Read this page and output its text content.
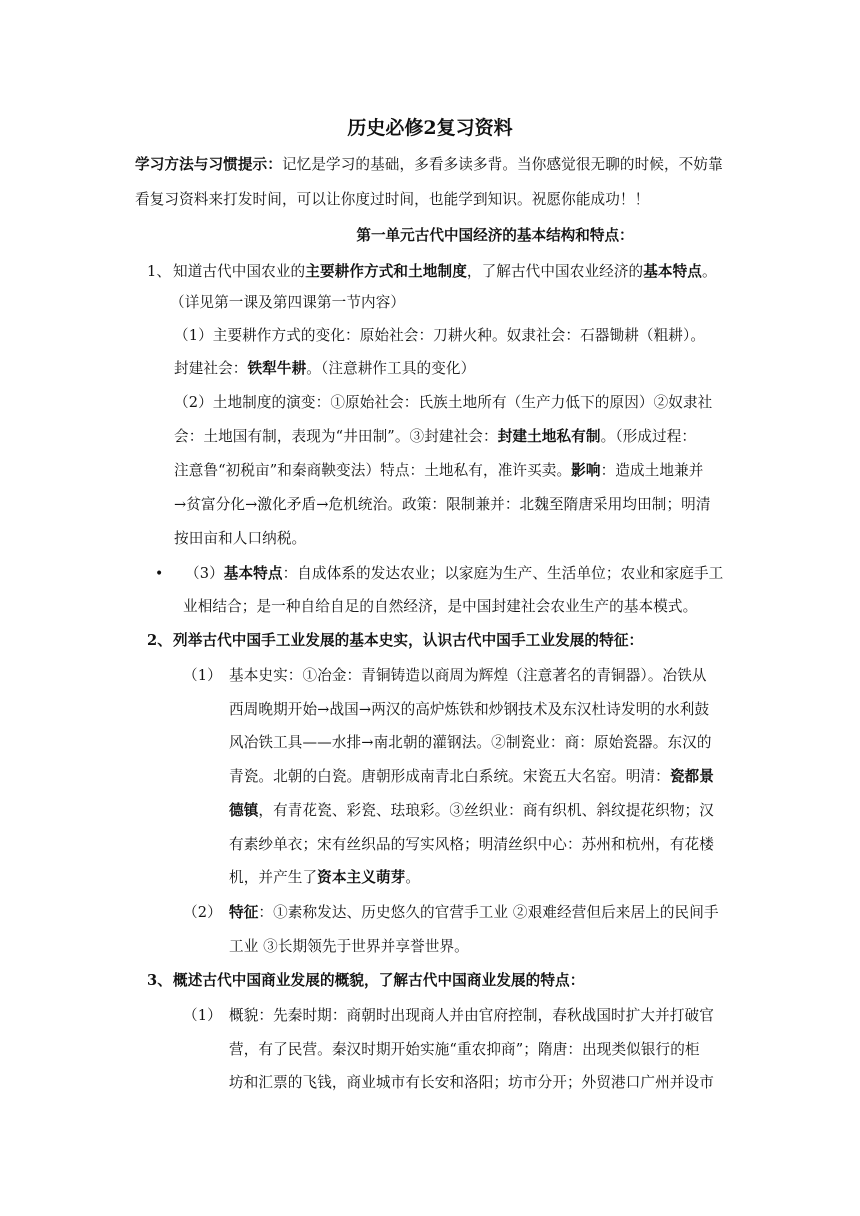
历史必修2复习资料
学习方法与习惯提示：记忆是学习的基础，多看多读多背。当你感觉很无聊的时候，不妨靠
看复习资料来打发时间，可以让你度过时间，也能学到知识。祝愿你能成功！！
第一单元古代中国经济的基本结构和特点：
1、 知道古代中国农业的主要耕作方式和土地制度，了解古代中国农业经济的基本特点。
（详见第一课及第四课第一节内容）
（1）主要耕作方式的变化：原始社会：刀耕火种。奴隶社会：石器锄耕（粗耕）。
封建社会：铁犁牛耕。（注意耕作工具的变化）
（2）土地制度的演变：①原始社会：氏族土地所有（生产力低下的原因）②奴隶社
会：土地国有制，表现为“井田制”。③封建社会：封建土地私有制。（形成过程：
注意鲁“初税亩”和秦商鞅变法）特点：土地私有，准许买卖。影响：造成土地兼并
→贫富分化→激化矛盾→危机统治。政策：限制兼并：北魏至隋唐采用均田制；明清
按田亩和人口纳税。
• （3）基本特点：自成体系的发达农业；以家庭为生产、生活单位；农业和家庭手工
业相结合；是一种自给自足的自然经济，是中国封建社会农业生产的基本模式。
2、 列举古代中国手工业发展的基本史实，认识古代中国手工业发展的特征：
（1） 基本史实：①冶金：青铜铸造以商周为辉煌（注意著名的青铜器）。冶铁从
西周晚期开始→战国→两汉的高炉炼铁和炒钢技术及东汉杜诗发明的水利鼓
风冶铁工具——水排→南北朝的灌钢法。②制瓷业：商：原始瓷器。东汉的
青瓷。北朝的白瓷。唐朝形成南青北白系统。宋瓷五大名窑。明清：瓷都景
德镇，有青花瓷、彩瓷、珐琅彩。③丝织业：商有织机、斜纹提花织物；汉
有素纱单衣；宋有丝织品的写实风格；明清丝织中心：苏州和杭州，有花楼
机，并产生了资本主义萌芽。
（2） 特征：①素称发达、历史悠久的官营手工业 ②艰难经营但后来居上的民间手
工业 ③长期领先于世界并享誉世界。
3、 概述古代中国商业发展的概貌，了解古代中国商业发展的特点：
（1） 概貌：先秦时期：商朝时出现商人并由官府控制，春秋战国时扩大并打破官
营，有了民营。秦汉时期开始实施“重农抑商”；隋唐：出现类似银行的柜
坊和汇票的飞钱，商业城市有长安和洛阳；坊市分开；外贸港口广州并设市
